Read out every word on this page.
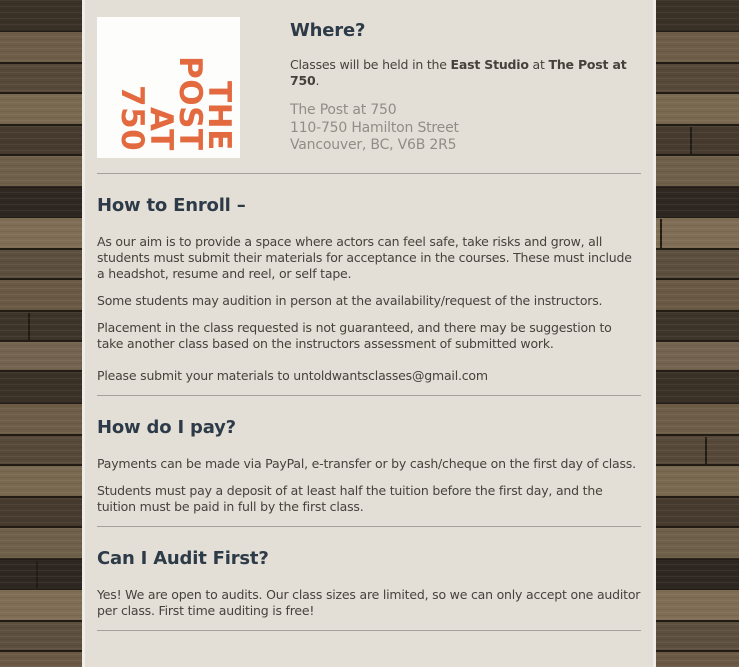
THE
POST
AT
750
Where?

Classes will be held in the East Studio at The Post at 750.

The Post at 750
110-750 Hamilton Street
Vancouver, BC, V6B 2R5

How to Enroll –

As our aim is to provide a space where actors can feel safe, take risks and grow, all students must submit their materials for acceptance in the courses. These must include a headshot, resume and reel, or self tape.

Some students may audition in person at the availability/request of the instructors.

Placement in the class requested is not guaranteed, and there may be suggestion to take another class based on the instructors assessment of submitted work.

Please submit your materials to untoldwantsclasses@gmail.com

How do I pay?

Payments can be made via PayPal, e-transfer or by cash/cheque on the first day of class.

Students must pay a deposit of at least half the tuition before the first day, and the tuition must be paid in full by the first class.

Can I Audit First?

Yes! We are open to audits. Our class sizes are limited, so we can only accept one auditor per class. First time auditing is free!
